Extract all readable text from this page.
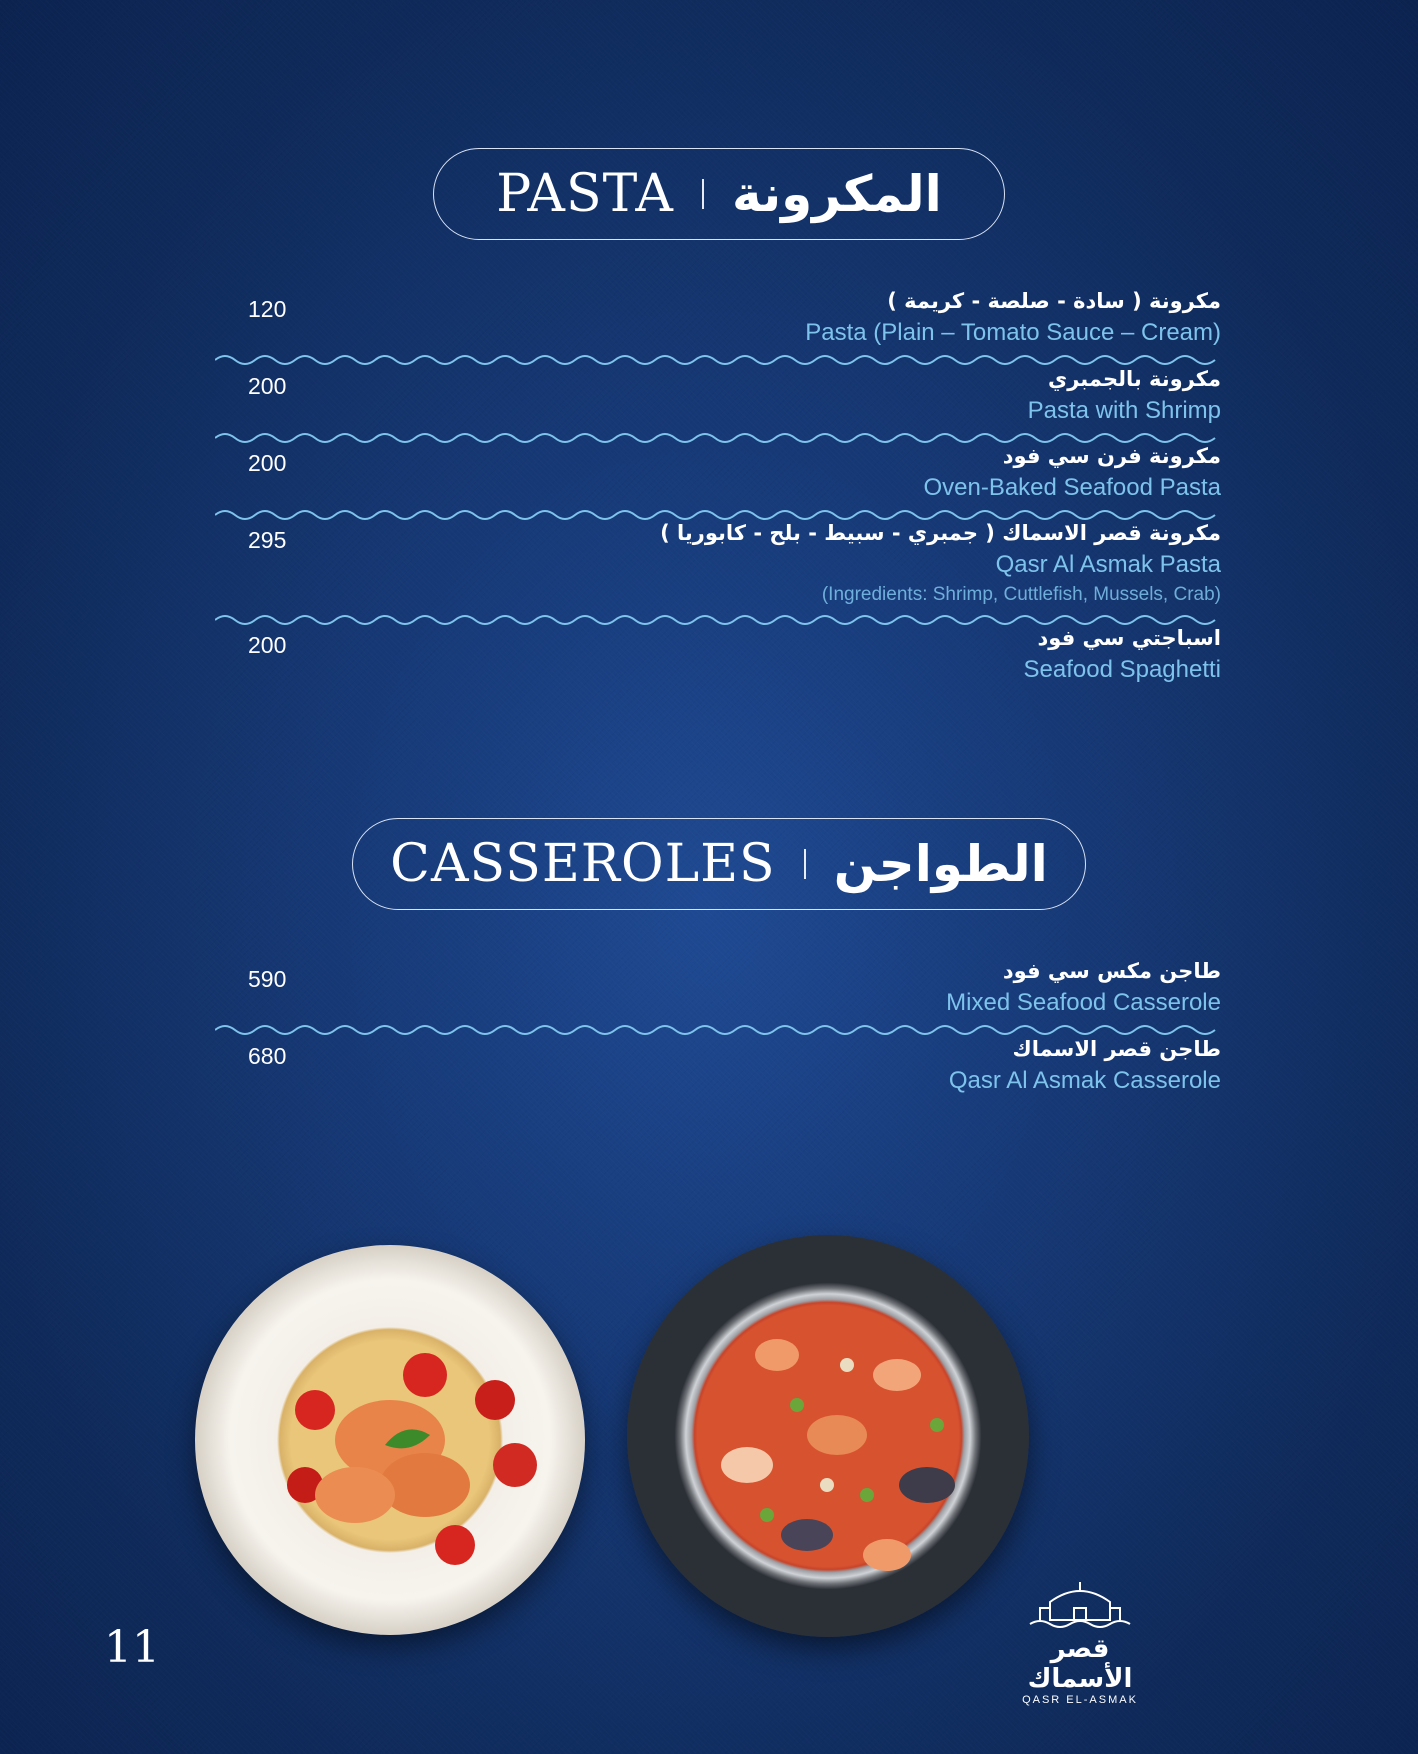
PASTA المكرونة
120	مكرونة ( سادة - صلصة - كريمة )
Pasta (Plain – Tomato Sauce – Cream)
200	مكرونة بالجمبري
Pasta with Shrimp
200	مكرونة فرن سي فود
Oven-Baked Seafood Pasta
295	مكرونة قصر الاسماك ( جمبري - سبيط - بلح - كابوريا )
Qasr Al Asmak Pasta
(Ingredients: Shrimp, Cuttlefish, Mussels, Crab)
200	اسباجتي سي فود
Seafood Spaghetti
CASSEROLES الطواجن
590	طاجن مكس سي فود
Mixed Seafood Casserole
680	طاجن قصر الاسماك
Qasr Al Asmak Casserole
11	قصر الأسماك
QASR EL-ASMAK
